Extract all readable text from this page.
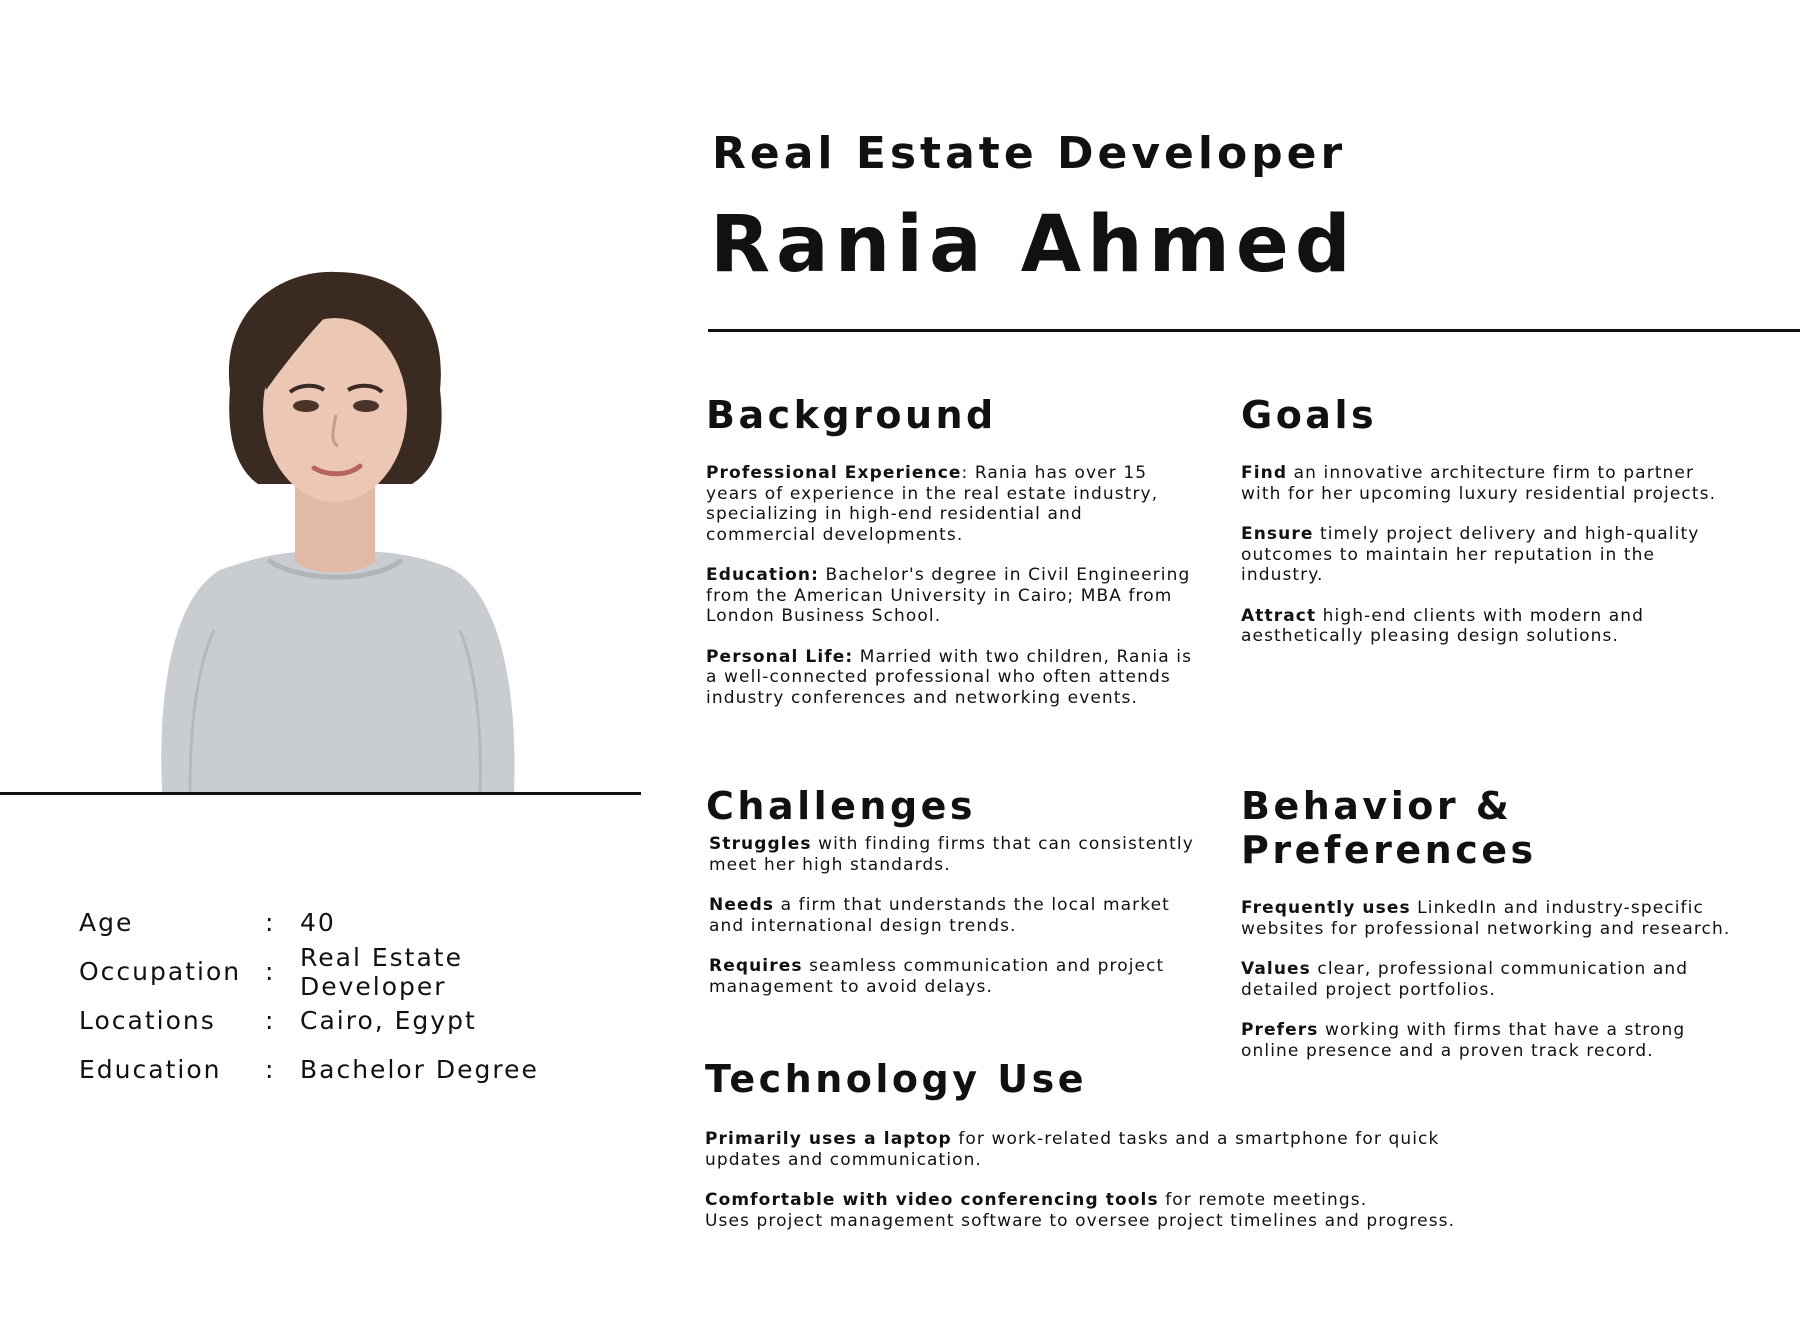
Real Estate Developer
Rania Ahmed
Age	: 40
Occupation : Real Estate Developer
Locations	: Cairo, Egypt
Education	: Bachelor Degree
Background

Professional Experience: Rania has over 15 years of experience in the real estate industry, specializing in high-end residential and commercial developments.

Education: Bachelor's degree in Civil Engineering from the American University in Cairo; MBA from London Business School.

Personal Life: Married with two children, Rania is a well-connected professional who often attends industry conferences and networking events.

Goals

Find an innovative architecture firm to partner with for her upcoming luxury residential projects.

Ensure timely project delivery and high-quality outcomes to maintain her reputation in the industry.

Attract high-end clients with modern and aesthetically pleasing design solutions.

Challenges

Struggles with finding firms that can consistently meet her high standards.

Needs a firm that understands the local market and international design trends.

Requires seamless communication and project management to avoid delays.

Behavior &
Preferences

Frequently uses LinkedIn and industry-specific websites for professional networking and research.

Values clear, professional communication and detailed project portfolios.

Prefers working with firms that have a strong online presence and a proven track record.

Technology Use

Primarily uses a laptop for work-related tasks and a smartphone for quick updates and communication.

Comfortable with video conferencing tools for remote meetings.
Uses project management software to oversee project timelines and progress.
